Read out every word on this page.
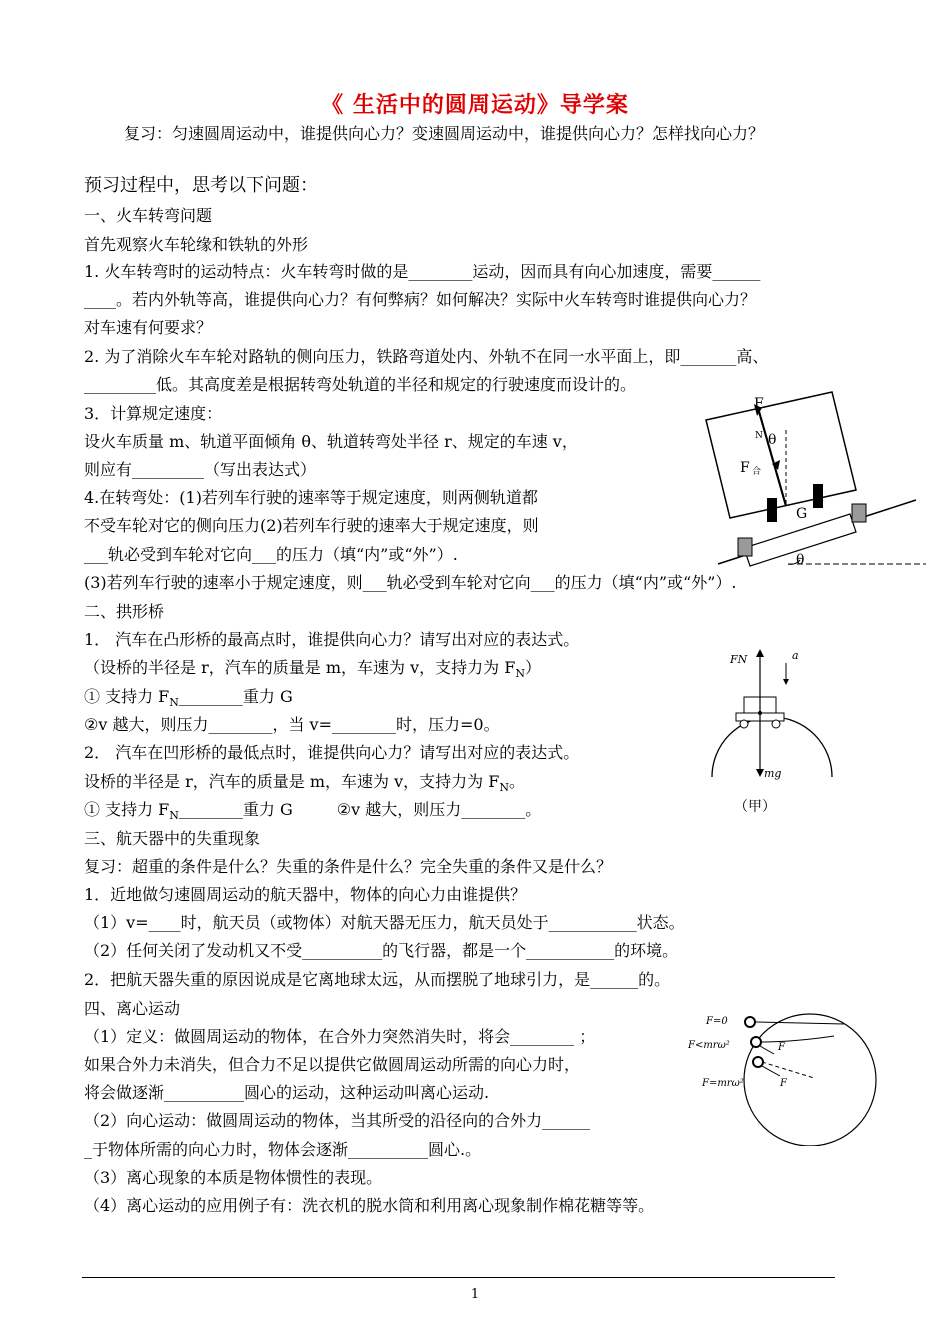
《 生活中的圆周运动》导学案
复习：匀速圆周运动中，谁提供向心力？变速圆周运动中，谁提供向心力？怎样找向心力？
预习过程中，思考以下问题：
一、火车转弯问题
首先观察火车轮缘和铁轨的外形
1. 火车转弯时的运动特点：火车转弯时做的是________运动，因而具有向心加速度，需要______
____。若内外轨等高，谁提供向心力？有何弊病？如何解决？实际中火车转弯时谁提供向心力？
对车速有何要求？
2. 为了消除火车车轮对路轨的侧向压力，铁路弯道处内、外轨不在同一水平面上，即_______高、
_________低。其高度差是根据转弯处轨道的半径和规定的行驶速度而设计的。
3．计算规定速度：
设火车质量 m、轨道平面倾角 θ、轨道转弯处半径 r、规定的车速 v，
则应有_________（写出表达式）
4.在转弯处：(1)若列车行驶的速率等于规定速度，则两侧轨道都
不受车轮对它的侧向压力(2)若列车行驶的速率大于规定速度，则
___轨必受到车轮对它向___的压力（填“内”或“外”）.
(3)若列车行驶的速率小于规定速度，则___轨必受到车轮对它向___的压力（填“内”或“外”）.
二、拱形桥
1． 汽车在凸形桥的最高点时，谁提供向心力？请写出对应的表达式。
（设桥的半径是 r，汽车的质量是 m，车速为 v，支持力为 $F_N$）
① 支持力 $F_N\_\_\_\_\_\_\_\_$重力 G
②v 越大，则压力________，当 v=________时，压力=0。
2． 汽车在凹形桥的最低点时，谁提供向心力？请写出对应的表达式。
设桥的半径是 r，汽车的质量是 m，车速为 v，支持力为 $F_N$。
① 支持力 $F_N\_\_\_\_\_\_\_\_$重力 G	②v 越大，则压力________。
三、航天器中的失重现象
复习：超重的条件是什么？失重的条件是什么？完全失重的条件又是什么？
1．近地做匀速圆周运动的航天器中，物体的向心力由谁提供？
（1）v=____时，航天员（或物体）对航天器无压力，航天员处于___________状态。
（2）任何关闭了发动机又不受__________的飞行器，都是一个___________的环境。
2．把航天器失重的原因说成是它离地球太远，从而摆脱了地球引力，是______的。
四、离心运动
（1）定义：做圆周运动的物体，在合外力突然消失时，将会________ ；
如果合外力未消失，但合力不足以提供它做圆周运动所需的向心力时，
将会做逐渐__________圆心的运动，这种运动叫离心运动.
（2）向心运动：做圆周运动的物体，当其所受的沿径向的合外力______
_于物体所需的向心力时，物体会逐渐__________圆心.。
（3）离心现象的本质是物体惯性的表现。
（4）离心运动的应用例子有：洗衣机的脱水筒和利用离心现象制作棉花糖等等。
F
N θ
F 合
G
θ
FN	a
mg
（甲）
F=0
F<mrω²
F=mrω²
F
F
1
